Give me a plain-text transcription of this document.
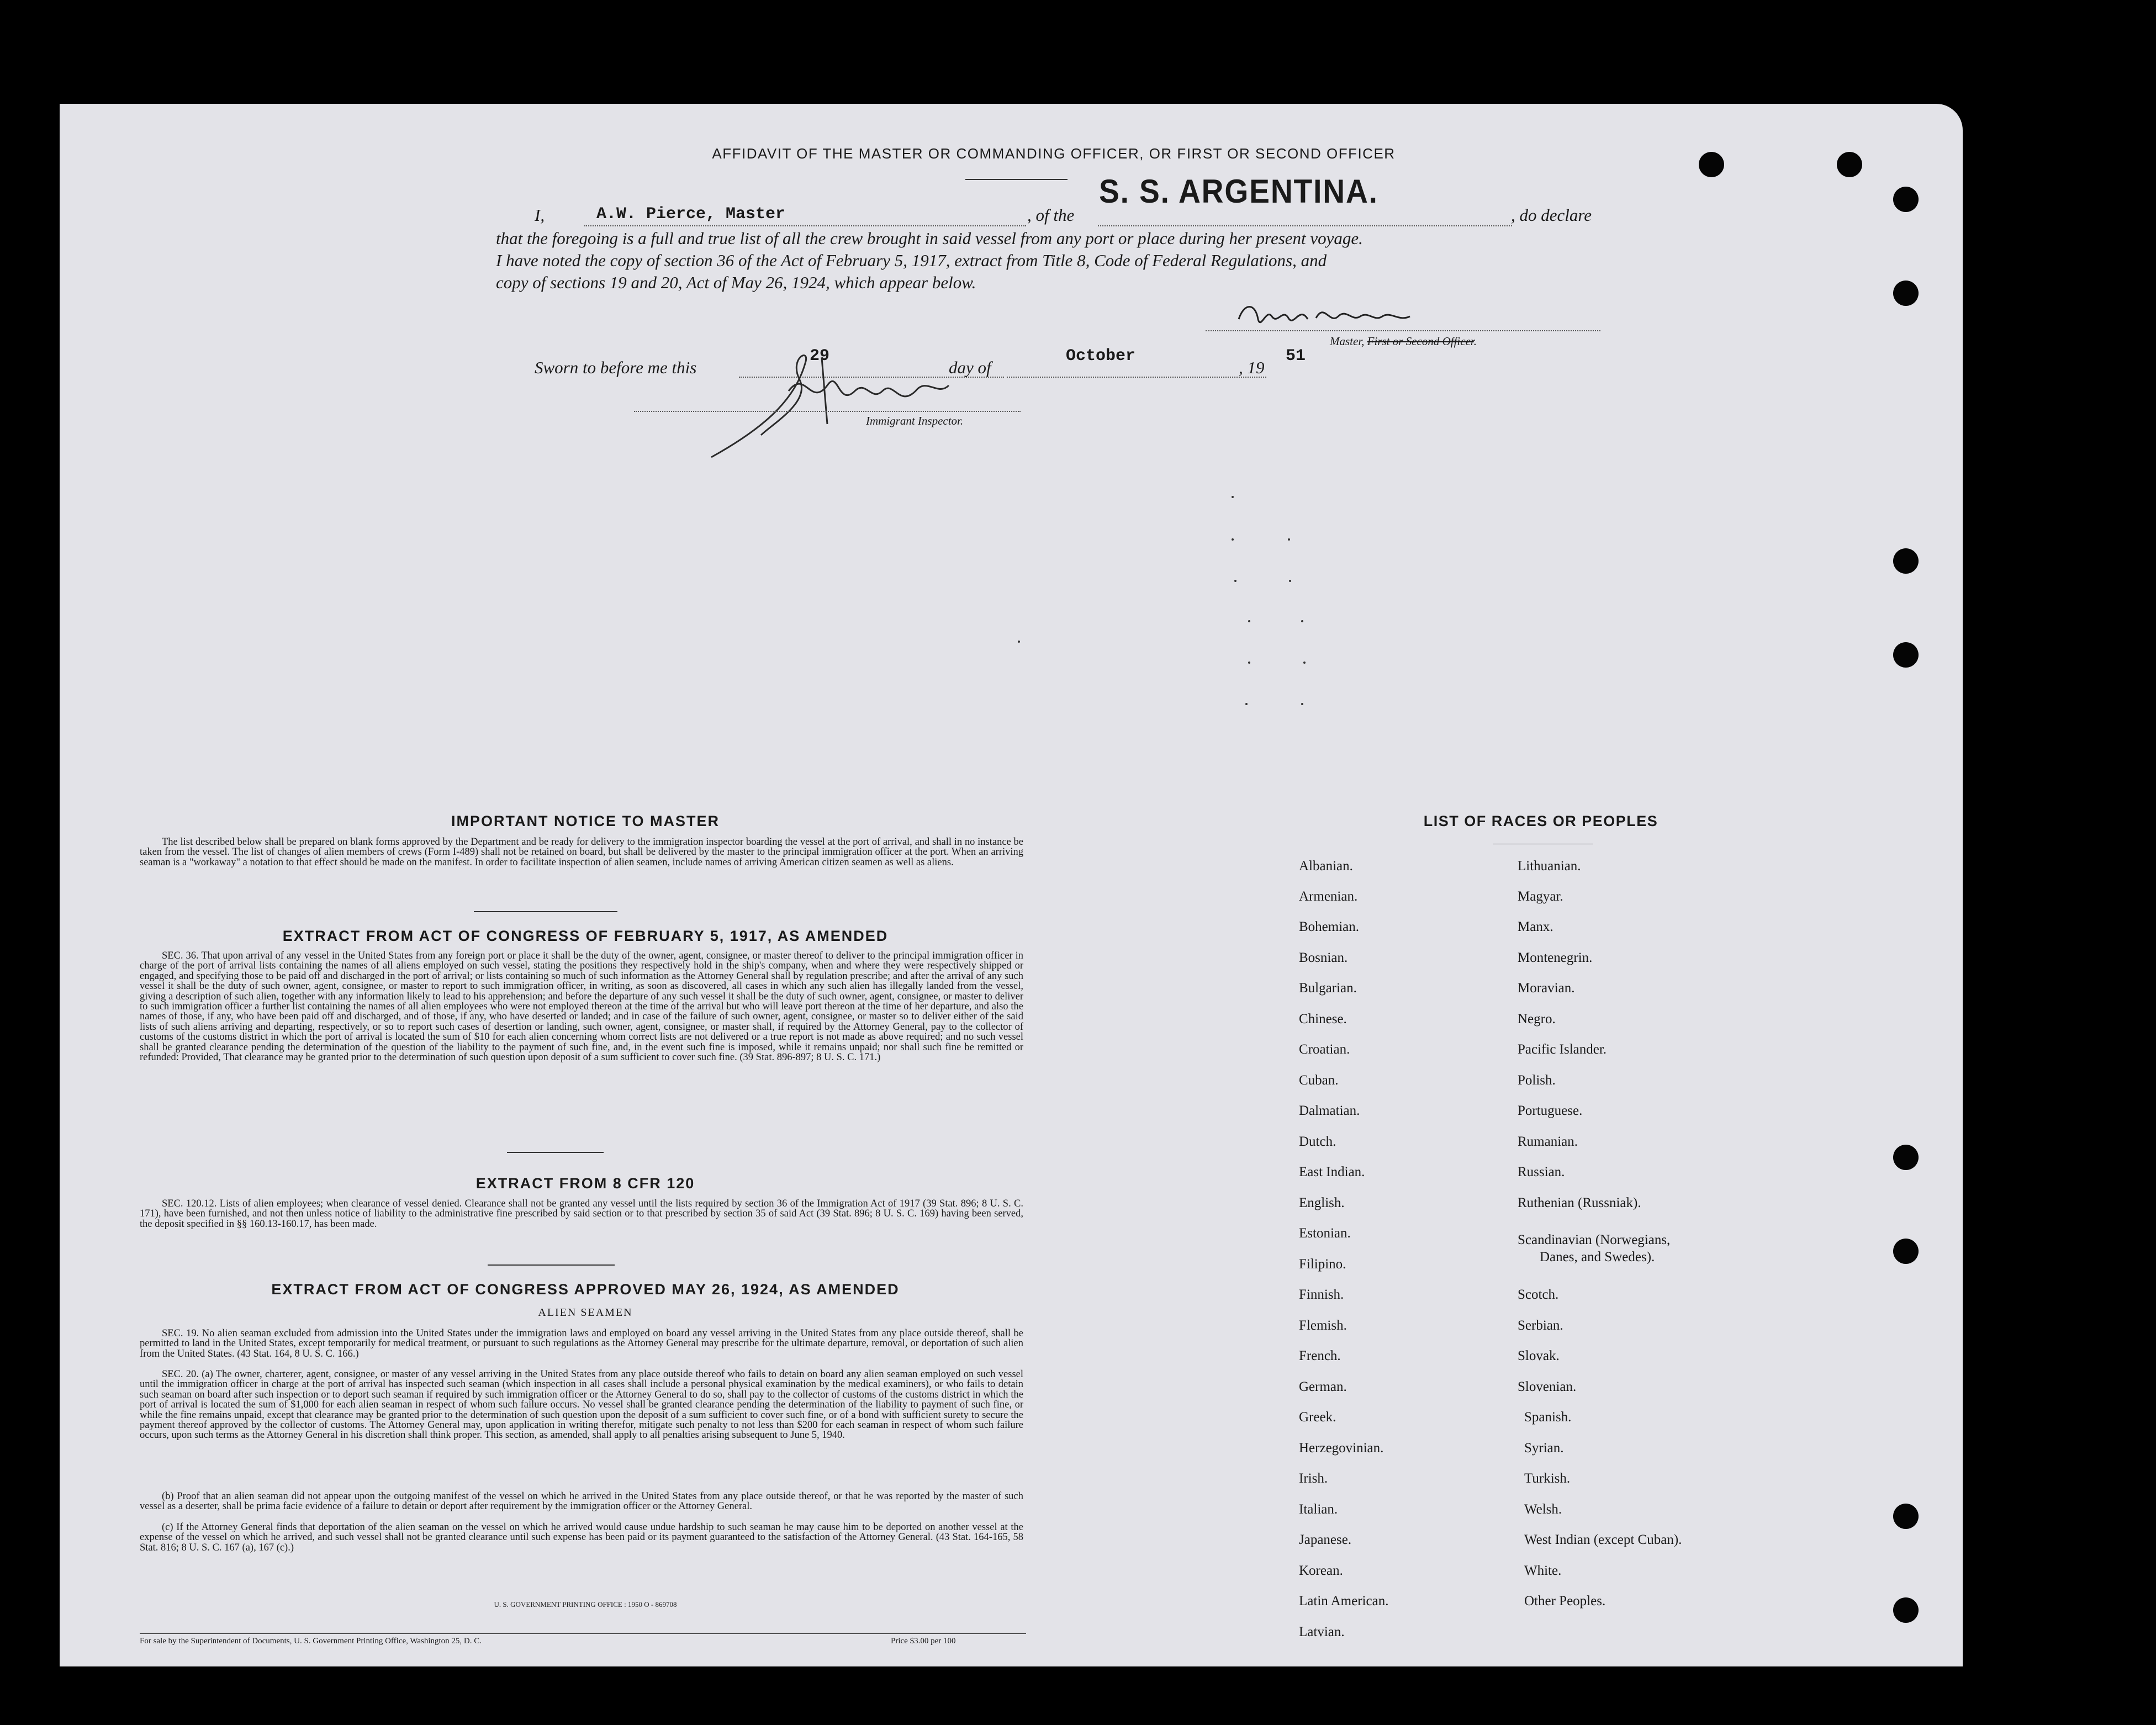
AFFIDAVIT OF THE MASTER OR COMMANDING OFFICER, OR FIRST OR SECOND OFFICER
S. S. ARGENTINA.
I,	A.W. Pierce, Master	, of the	, do declare
that the foregoing is a full and true list of all the crew brought in said vessel from any port or place during her present voyage.
I have noted the copy of section 36 of the Act of February 5, 1917, extract from Title 8, Code of Federal Regulations, and
copy of sections 19 and 20, Act of May 26, 1924, which appear below.
Master, First or Second Officer.
Sworn to before me this
29
day of
October
, 19
51
Immigrant Inspector.
IMPORTANT NOTICE TO MASTER
The list described below shall be prepared on blank forms approved by the Department and be ready for delivery to the immigration inspector boarding the vessel at the port of arrival, and shall in no instance be taken from the vessel. The list of changes of alien members of crews (Form I-489) shall not be retained on board, but shall be delivered by the master to the principal immigration officer at the port. When an arriving seaman is a "workaway" a notation to that effect should be made on the manifest. In order to facilitate inspection of alien seamen, include names of arriving American citizen seamen as well as aliens.
EXTRACT FROM ACT OF CONGRESS OF FEBRUARY 5, 1917, AS AMENDED
SEC. 36. That upon arrival of any vessel in the United States from any foreign port or place it shall be the duty of the owner, agent, consignee, or master thereof to deliver to the principal immigration officer in charge of the port of arrival lists containing the names of all aliens employed on such vessel, stating the positions they respectively hold in the ship's company, when and where they were respectively shipped or engaged, and specifying those to be paid off and discharged in the port of arrival; or lists containing so much of such information as the Attorney General shall by regulation prescribe; and after the arrival of any such vessel it shall be the duty of such owner, agent, consignee, or master to report to such immigration officer, in writing, as soon as discovered, all cases in which any such alien has illegally landed from the vessel, giving a description of such alien, together with any information likely to lead to his apprehension; and before the departure of any such vessel it shall be the duty of such owner, agent, consignee, or master to deliver to such immigration officer a further list containing the names of all alien employees who were not employed thereon at the time of the arrival but who will leave port thereon at the time of her departure, and also the names of those, if any, who have been paid off and discharged, and of those, if any, who have deserted or landed; and in case of the failure of such owner, agent, consignee, or master so to deliver either of the said lists of such aliens arriving and departing, respectively, or so to report such cases of desertion or landing, such owner, agent, consignee, or master shall, if required by the Attorney General, pay to the collector of customs of the customs district in which the port of arrival is located the sum of $10 for each alien concerning whom correct lists are not delivered or a true report is not made as above required; and no such vessel shall be granted clearance pending the determination of the question of the liability to the payment of such fine, and, in the event such fine is imposed, while it remains unpaid; nor shall such fine be remitted or refunded: Provided, That clearance may be granted prior to the determination of such question upon deposit of a sum sufficient to cover such fine. (39 Stat. 896-897; 8 U. S. C. 171.)
EXTRACT FROM 8 CFR 120
SEC. 120.12. Lists of alien employees; when clearance of vessel denied. Clearance shall not be granted any vessel until the lists required by section 36 of the Immigration Act of 1917 (39 Stat. 896; 8 U. S. C. 171), have been furnished, and not then unless notice of liability to the administrative fine prescribed by said section or to that prescribed by section 35 of said Act (39 Stat. 896; 8 U. S. C. 169) having been served, the deposit specified in §§ 160.13-160.17, has been made.
EXTRACT FROM ACT OF CONGRESS APPROVED MAY 26, 1924, AS AMENDED
ALIEN SEAMEN
SEC. 19. No alien seaman excluded from admission into the United States under the immigration laws and employed on board any vessel arriving in the United States from any place outside thereof, shall be permitted to land in the United States, except temporarily for medical treatment, or pursuant to such regulations as the Attorney General may prescribe for the ultimate departure, removal, or deportation of such alien from the United States. (43 Stat. 164, 8 U. S. C. 166.)
SEC. 20. (a) The owner, charterer, agent, consignee, or master of any vessel arriving in the United States from any place outside thereof who fails to detain on board any alien seaman employed on such vessel until the immigration officer in charge at the port of arrival has inspected such seaman (which inspection in all cases shall include a personal physical examination by the medical examiners), or who fails to detain such seaman on board after such inspection or to deport such seaman if required by such immigration officer or the Attorney General to do so, shall pay to the collector of customs of the customs district in which the port of arrival is located the sum of $1,000 for each alien seaman in respect of whom such failure occurs. No vessel shall be granted clearance pending the determination of the liability to payment of such fine, or while the fine remains unpaid, except that clearance may be granted prior to the determination of such question upon the deposit of a sum sufficient to cover such fine, or of a bond with sufficient surety to secure the payment thereof approved by the collector of customs. The Attorney General may, upon application in writing therefor, mitigate such penalty to not less than $200 for each seaman in respect of whom such failure occurs, upon such terms as the Attorney General in his discretion shall think proper. This section, as amended, shall apply to all penalties arising subsequent to June 5, 1940.
(b) Proof that an alien seaman did not appear upon the outgoing manifest of the vessel on which he arrived in the United States from any place outside thereof, or that he was reported by the master of such vessel as a deserter, shall be prima facie evidence of a failure to detain or deport after requirement by the immigration officer or the Attorney General.
(c) If the Attorney General finds that deportation of the alien seaman on the vessel on which he arrived would cause undue hardship to such seaman he may cause him to be deported on another vessel at the expense of the vessel on which he arrived, and such vessel shall not be granted clearance until such expense has been paid or its payment guaranteed to the satisfaction of the Attorney General. (43 Stat. 164-165, 58 Stat. 816; 8 U. S. C. 167 (a), 167 (c).)
U. S. GOVERNMENT PRINTING OFFICE : 1950 O - 869708
For sale by the Superintendent of Documents, U. S. Government Printing Office, Washington 25, D. C.	Price $3.00 per 100
LIST OF RACES OR PEOPLES
Albanian.
Armenian.
Bohemian.
Bosnian.
Bulgarian.
Chinese.
Croatian.
Cuban.
Dalmatian.
Dutch.
East Indian.
English.
Estonian.
Filipino.
Finnish.
Flemish.
French.
German.
Greek.
Herzegovinian.
Irish.
Italian.
Japanese.
Korean.
Latin American.
Latvian.
Lithuanian.
Magyar.
Manx.
Montenegrin.
Moravian.
Negro.
Pacific Islander.
Polish.
Portuguese.
Rumanian.
Russian.
Ruthenian (Russniak).
Scandinavian (Norwegians,
Danes, and Swedes).
Scotch.
Serbian.
Slovak.
Slovenian.
Spanish.
Syrian.
Turkish.
Welsh.
West Indian (except Cuban).
White.
Other Peoples.
